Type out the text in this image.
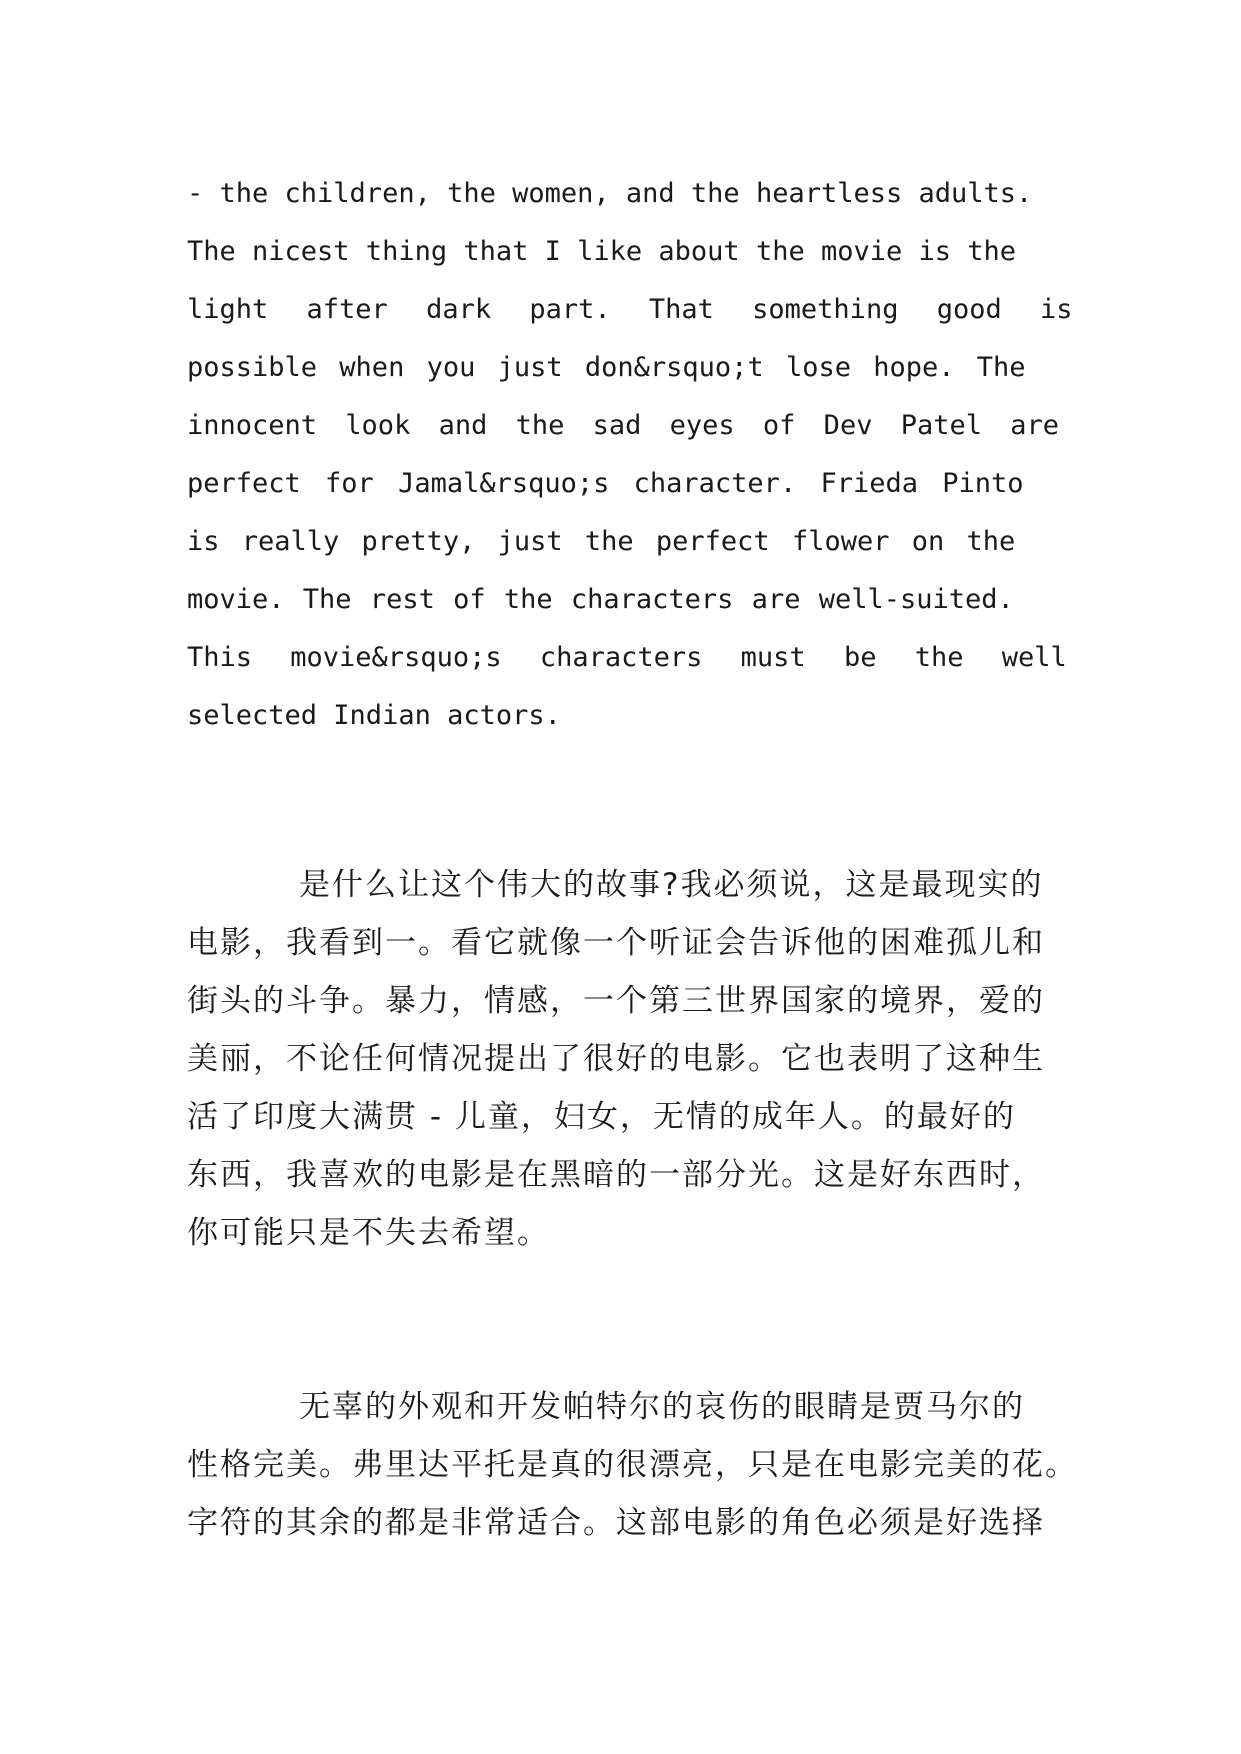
- the children, the women, and the heartless adults.
The nicest thing that I like about the movie is the
light after dark part. That something good is
possible when you just don&rsquo;t lose hope. The
innocent look and the sad eyes of Dev Patel are
perfect for Jamal&rsquo;s character. Frieda Pinto
is really pretty, just the perfect flower on the
movie. The rest of the characters are well-suited.
This movie&rsquo;s characters must be the well
selected Indian actors.
是什么让这个伟大的故事?我必须说，这是最现实的
电影，我看到一。看它就像一个听证会告诉他的困难孤儿和
街头的斗争。暴力，情感，一个第三世界国家的境界，爱的
美丽，不论任何情况提出了很好的电影。它也表明了这种生
活了印度大满贯 - 儿童，妇女，无情的成年人。的最好的
东西，我喜欢的电影是在黑暗的一部分光。这是好东西时，
你可能只是不失去希望。
无辜的外观和开发帕特尔的哀伤的眼睛是贾马尔的
性格完美。弗里达平托是真的很漂亮，只是在电影完美的花。
字符的其余的都是非常适合。这部电影的角色必须是好选择
